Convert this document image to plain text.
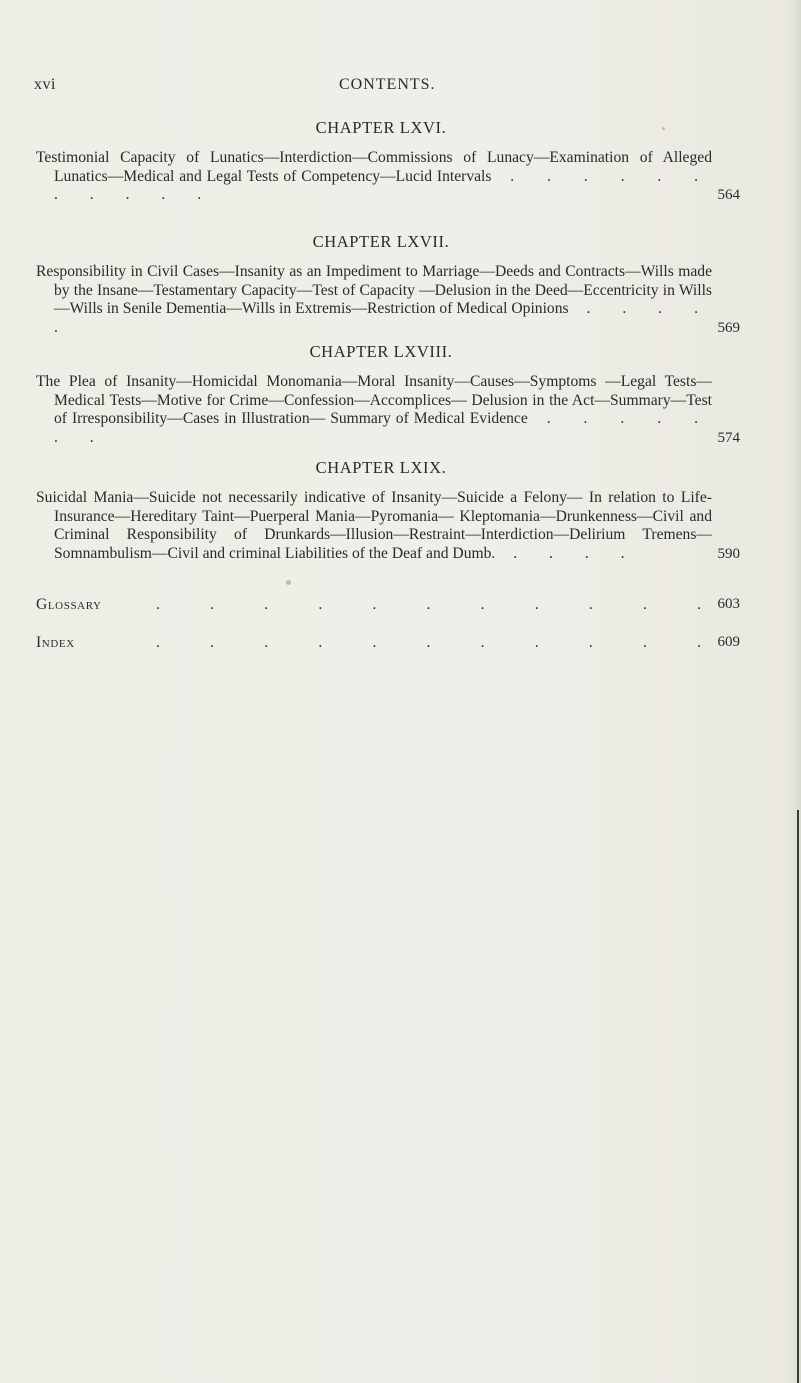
xvi	CONTENTS.
CHAPTER LXVI.
Testimonial Capacity of Lunatics—Interdiction—Commissions of Lunacy—Examination of Alleged Lunatics—Medical and Legal Tests of Competency—Lucid Intervals . . . . . . . . . . .	564
CHAPTER LXVII.
Responsibility in Civil Cases—Insanity as an Impediment to Marriage—Deeds and Contracts—Wills made by the Insane—Testamentary Capacity—Test of Capacity —Delusion in the Deed—Eccentricity in Wills—Wills in Senile Dementia—Wills in Extremis—Restriction of Medical Opinions . . . . .	569
CHAPTER LXVIII.
The Plea of Insanity—Homicidal Monomania—Moral Insanity—Causes—Symptoms —Legal Tests—Medical Tests—Motive for Crime—Confession—Accomplices— Delusion in the Act—Summary—Test of Irresponsibility—Cases in Illustration— Summary of Medical Evidence . . . . . . .	574
CHAPTER LXIX.
Suicidal Mania—Suicide not necessarily indicative of Insanity—Suicide a Felony— In relation to Life-Insurance—Hereditary Taint—Puerperal Mania—Pyromania— Kleptomania—Drunkenness—Civil and Criminal Responsibility of Drunkards—Illusion—Restraint—Interdiction—Delirium Tremens—Somnambulism—Civil and criminal Liabilities of the Deaf and Dumb. . . . .	590
Glossary	.	.	.	.	.	.	.	.	.	.	. 603
Index	.	.	.	.	.	.	.	.	.	.	. 609
